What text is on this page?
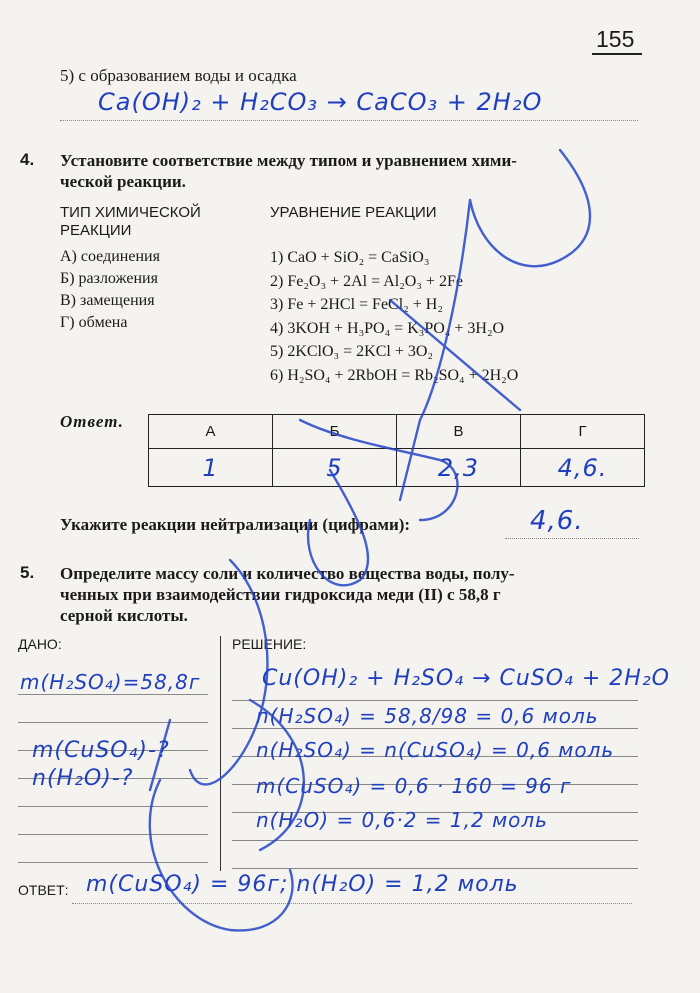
155
5) с образованием воды и осадка
Ca(OH)₂ + H₂CO₃ → CaCO₃ + 2H₂O
4. Установите соответствие между типом и уравнением хими-
ческой реакции.
ТИП ХИМИЧЕСКОЙ РЕАКЦИИ
УРАВНЕНИЕ РЕАКЦИИ
А) соединения
Б) разложения
В) замещения
Г) обмена
1) CaO + SiO₂ = CaSiO₃
2) Fe₂O₃ + 2Al = Al₂O₃ + 2Fe
3) Fe + 2HCl = FeCl₂ + H₂
4) 3KOH + H₃PO₄ = K₃PO₄ + 3H₂O
5) 2KClO₃ = 2KCl + 3O₂
6) H₂SO₄ + 2RbOH = Rb₂SO₄ + 2H₂O
Ответ.
А	Б	В	Г
1	5	2,3	4,6.
Укажите реакции нейтрализации (цифрами):	4,6.
5. Определите массу соли и количество вещества воды, полу-
ченных при взаимодействии гидроксида меди (II) с 58,8 г
серной кислоты.
ДАНО:	РЕШЕНИЕ:
m(H₂SO₄)=58,8г
m(CuSO₄)-?
n(H₂O)-?
Cu(OH)₂ + H₂SO₄ → CuSO₄ + 2H₂O
n(H₂SO₄) = 58,8/98 = 0,6 моль
n(H₂SO₄) = n(CuSO₄) = 0,6 моль
m(CuSO₄) = 0,6 · 160 = 96 г
n(H₂O) = 0,6·2 = 1,2 моль
ОТВЕТ: m(CuSO₄) = 96г; n(H₂O) = 1,2 моль
